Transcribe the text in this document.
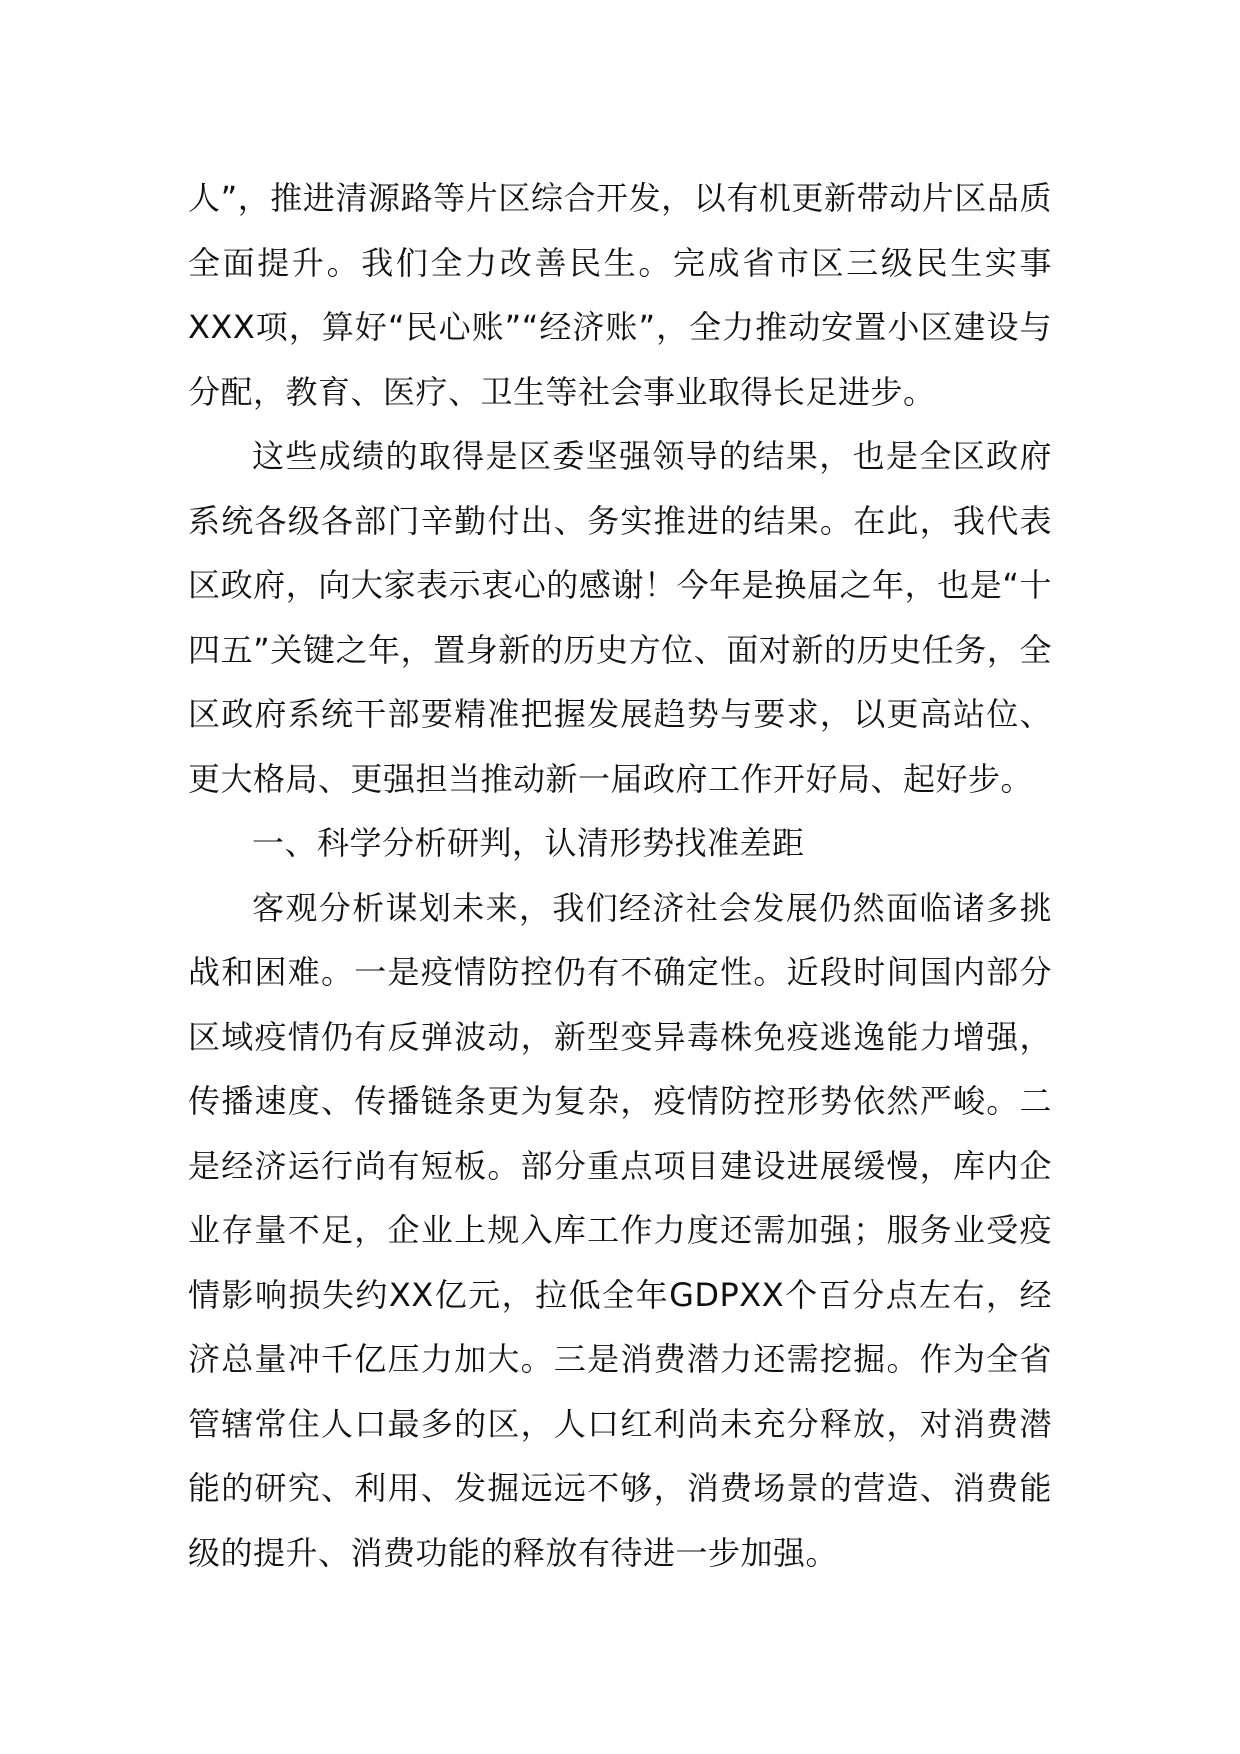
人”，推进清源路等片区综合开发，以有机更新带动片区品质全面提升。我们全力改善民生。完成省市区三级民生实事XXX项，算好“民心账”“经济账”，全力推动安置小区建设与分配，教育、医疗、卫生等社会事业取得长足进步。

这些成绩的取得是区委坚强领导的结果，也是全区政府系统各级各部门辛勤付出、务实推进的结果。在此，我代表区政府，向大家表示衷心的感谢！今年是换届之年，也是“十四五”关键之年，置身新的历史方位、面对新的历史任务，全区政府系统干部要精准把握发展趋势与要求，以更高站位、更大格局、更强担当推动新一届政府工作开好局、起好步。

一、科学分析研判，认清形势找准差距

客观分析谋划未来，我们经济社会发展仍然面临诸多挑战和困难。一是疫情防控仍有不确定性。近段时间国内部分区域疫情仍有反弹波动，新型变异毒株免疫逃逸能力增强，传播速度、传播链条更为复杂，疫情防控形势依然严峻。二是经济运行尚有短板。部分重点项目建设进展缓慢，库内企业存量不足，企业上规入库工作力度还需加强；服务业受疫情影响损失约XX亿元，拉低全年GDPXX个百分点左右，经济总量冲千亿压力加大。三是消费潜力还需挖掘。作为全省管辖常住人口最多的区，人口红利尚未充分释放，对消费潜能的研究、利用、发掘远远不够，消费场景的营造、消费能级的提升、消费功能的释放有待进一步加强。
